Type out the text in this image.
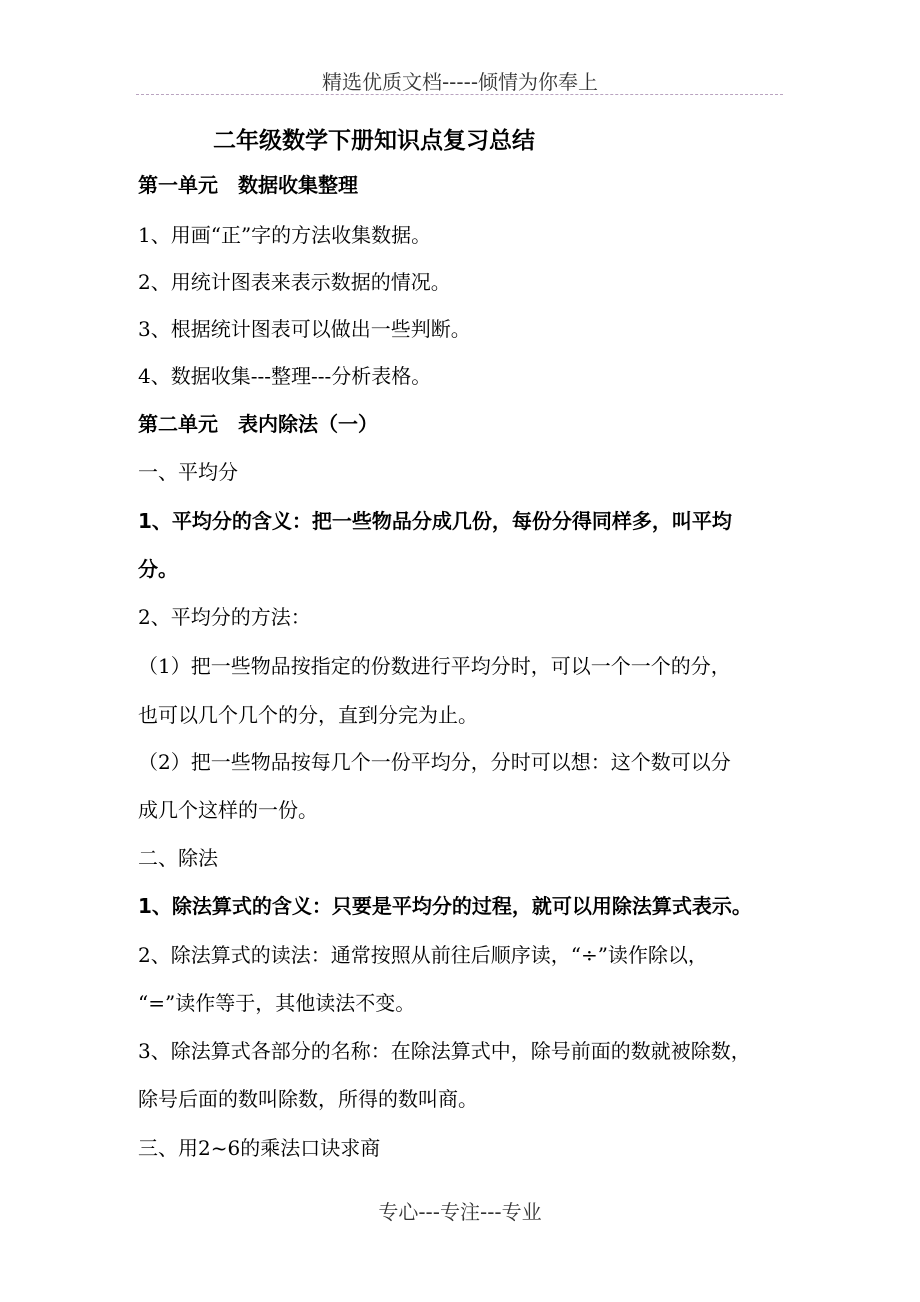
精选优质文档-----倾情为你奉上
二年级数学下册知识点复习总结
第一单元　数据收集整理
1、用画“正”字的方法收集数据。
2、用统计图表来表示数据的情况。
3、根据统计图表可以做出一些判断。
4、数据收集---整理---分析表格。
第二单元　表内除法（一）
一、平均分
1、平均分的含义：把一些物品分成几份，每份分得同样多，叫平均
分。
2、平均分的方法：
（1）把一些物品按指定的份数进行平均分时，可以一个一个的分，
也可以几个几个的分，直到分完为止。
（2）把一些物品按每几个一份平均分，分时可以想：这个数可以分
成几个这样的一份。
二、除法
1、除法算式的含义：只要是平均分的过程，就可以用除法算式表示。
2、除法算式的读法：通常按照从前往后顺序读，“÷”读作除以，
“=”读作等于，其他读法不变。
3、除法算式各部分的名称：在除法算式中，除号前面的数就被除数，
除号后面的数叫除数，所得的数叫商。
三、用2~6的乘法口诀求商
专心---专注---专业
